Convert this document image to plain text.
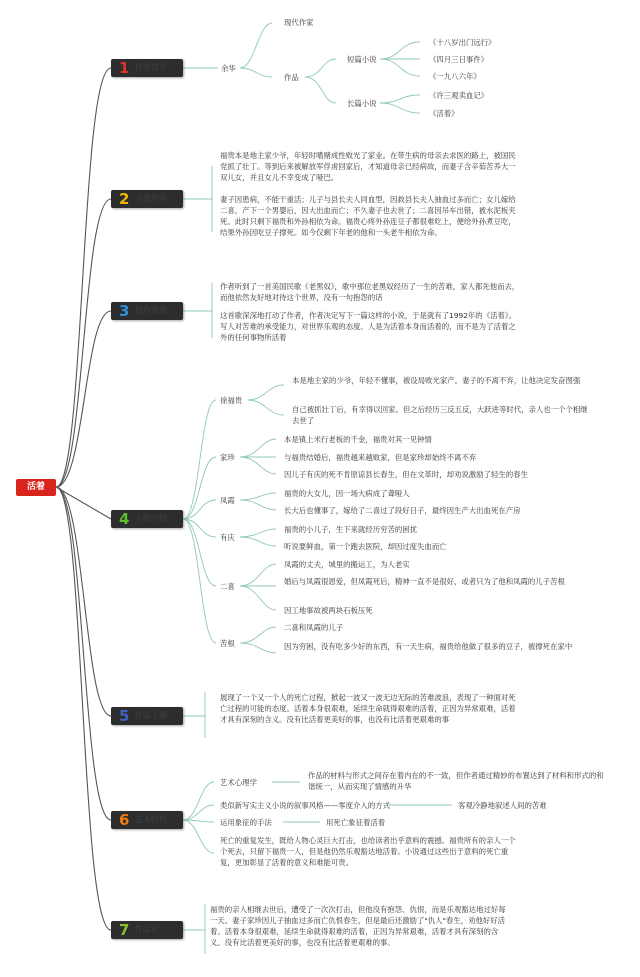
活着
1 作者简介
2 主要内容
3 创作背景
4 人物介绍
5 作品主题
6 艺术特色
7 作品评
余华
现代作家
作品
短篇小说
长篇小说
《十八岁出门远行》
《四月三日事件》
《一九八六年》
《许三观卖血记》
《活着》
福贵本是地主家少爷，年轻时嗜赌成性败光了家业。在带生病的母亲去求医的路上，被国民党抓了壮丁。等到后来被解放军俘虏回家后，才知道母亲已经病故，而妻子含辛茹苦养大一双儿女，并且女儿不幸变成了哑巴。
妻子因患病，不能干重活；儿子与县长夫人同血型，因救县长夫人抽血过多而亡；女儿嫁给二喜，产下一个男婴后，因大出血而亡；不久妻子也去世了；二喜因吊车出错，被水泥板夹死。此时只剩下福贵和外孙相依为命。福贵心疼外孙连豆子都很难吃上，便给外孙煮豆吃，结果外孙因吃豆子撑死。如今仅剩下年老的他和一头老牛相依为命。
作者听到了一首美国民歌《老黑奴》，歌中那位老黑奴经历了一生的苦难，家人都先他而去，而他依然友好地对待这个世界，没有一句抱怨的话
这首歌深深地打动了作者，作者决定写下一篇这样的小说，于是就有了1992年的《活着》。写人对苦难的承受能力，对世界乐观的态度。人是为活着本身而活着的，而不是为了活着之外的任何事物所活着
徐福贵
本是地主家的少爷，年轻不懂事，被设局败光家产。妻子的不离不弃，让他决定发奋图强
自己被抓壮丁后，有幸得以回家。但之后经历三反五反，大跃进等时代，亲人也一个个相继去世了
家珍
本是镇上米行老板的千金，福贵对其一见钟情
与福贵结婚后，福贵越来越败家，但是家珍却始终不离不弃
因儿子有庆的死不肯原谅县长春生，但在文革时，却劝说激励了轻生的春生
凤霞
福贵的大女儿，因一场大病成了聋哑人
长大后也懂事了，嫁给了二喜过了段好日子，最终因生产大出血死在产房
有庆
福贵的小儿子，生下来就经历穷苦的困扰
听说要鲜血，第一个跑去医院，却因过度失血而亡
二喜
凤霞的丈夫，城里的搬运工，为人老实
婚后与凤霞很恩爱，但凤霞死后，精神一直不是很好，或者只为了他和凤霞的儿子苦根
因工地事故被两块石板压死
苦根
二喜和凤霞的儿子
因为穷困，没有吃多少好的东西，有一天生病，福贵给他做了很多的豆子，被撑死在家中
展现了一个又一个人的死亡过程，掀起一波又一波无边无际的苦难波浪，表现了一种面对死亡过程的可能的态度。活着本身很艰难，延续生命就得艰难的活着，正因为异常艰难，活着才具有深刻的含义。没有比活着更美好的事，也没有比活着更艰难的事
艺术心理学
作品的材料与形式之间存在着内在的不一致，但作者通过精妙的布置达到了材料和形式的和谐统一，从而实现了情感的升华
类似新写实主义小说的叙事风格——零度介入的方式	客观冷静地叙述人间的苦难
运用象征的手法	用死亡象征着活着
死亡的重复发生，既给人物心灵巨大打击，也给读者出乎意料的震撼。福贵所有的亲人一个个死去，只留下福贵一人，但是他仍然乐观豁达地活着。小说通过这些出于意料的死亡重复，更加彰显了活着的意义和难能可贵。
福贵的亲人相继去世后，遭受了一次次打击，但他没有抱怨、仇恨，而是乐观豁达地过好每一天。妻子家珍因儿子抽血过多而亡仇恨春生，但是最后还激励了"仇人"春生，劝他好好活着。活着本身很艰难，延续生命就得艰难的活着，正因为异常艰难，活着才具有深刻的含义。没有比活着更美好的事，也没有比活着更艰难的事。
